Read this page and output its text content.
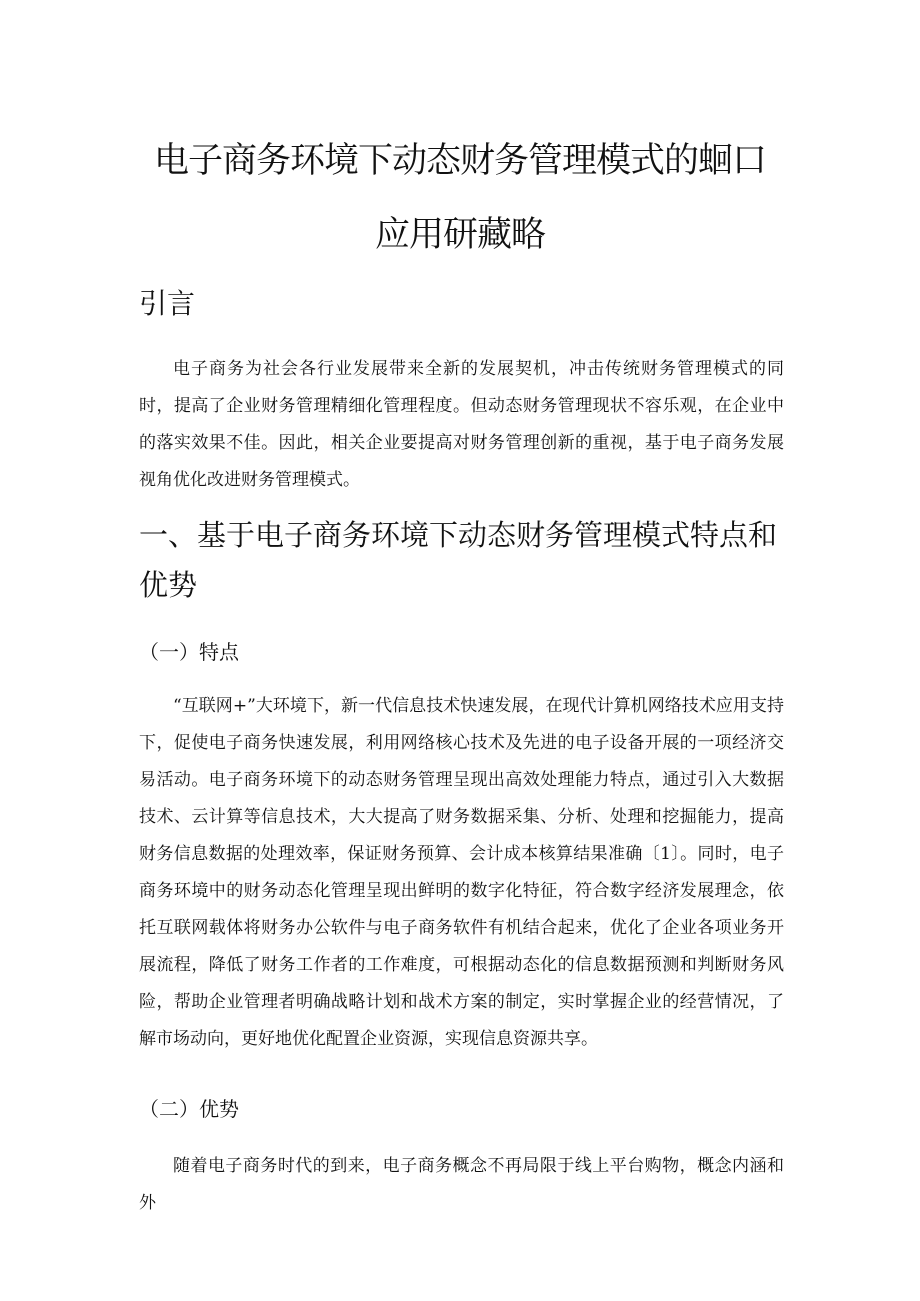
电子商务环境下动态财务管理模式的蛔口
应用研藏略
引言

电子商务为社会各行业发展带来全新的发展契机，冲击传统财务管理模式的同时，提高了企业财务管理精细化管理程度。但动态财务管理现状不容乐观，在企业中的落实效果不佳。因此，相关企业要提高对财务管理创新的重视，基于电子商务发展视角优化改进财务管理模式。

一、基于电子商务环境下动态财务管理模式特点和优势
（一）特点

“互联网+”大环境下，新一代信息技术快速发展，在现代计算机网络技术应用支持下，促使电子商务快速发展，利用网络核心技术及先进的电子设备开展的一项经济交易活动。电子商务环境下的动态财务管理呈现出高效处理能力特点，通过引入大数据技术、云计算等信息技术，大大提高了财务数据采集、分析、处理和挖掘能力，提高财务信息数据的处理效率，保证财务预算、会计成本核算结果准确〔1〕。同时，电子商务环境中的财务动态化管理呈现出鲜明的数字化特征，符合数字经济发展理念，依托互联网载体将财务办公软件与电子商务软件有机结合起来，优化了企业各项业务开展流程，降低了财务工作者的工作难度，可根据动态化的信息数据预测和判断财务风险，帮助企业管理者明确战略计划和战术方案的制定，实时掌握企业的经营情况，了解市场动向，更好地优化配置企业资源，实现信息资源共享。

（二）优势

随着电子商务时代的到来，电子商务概念不再局限于线上平台购物，概念内涵和外
